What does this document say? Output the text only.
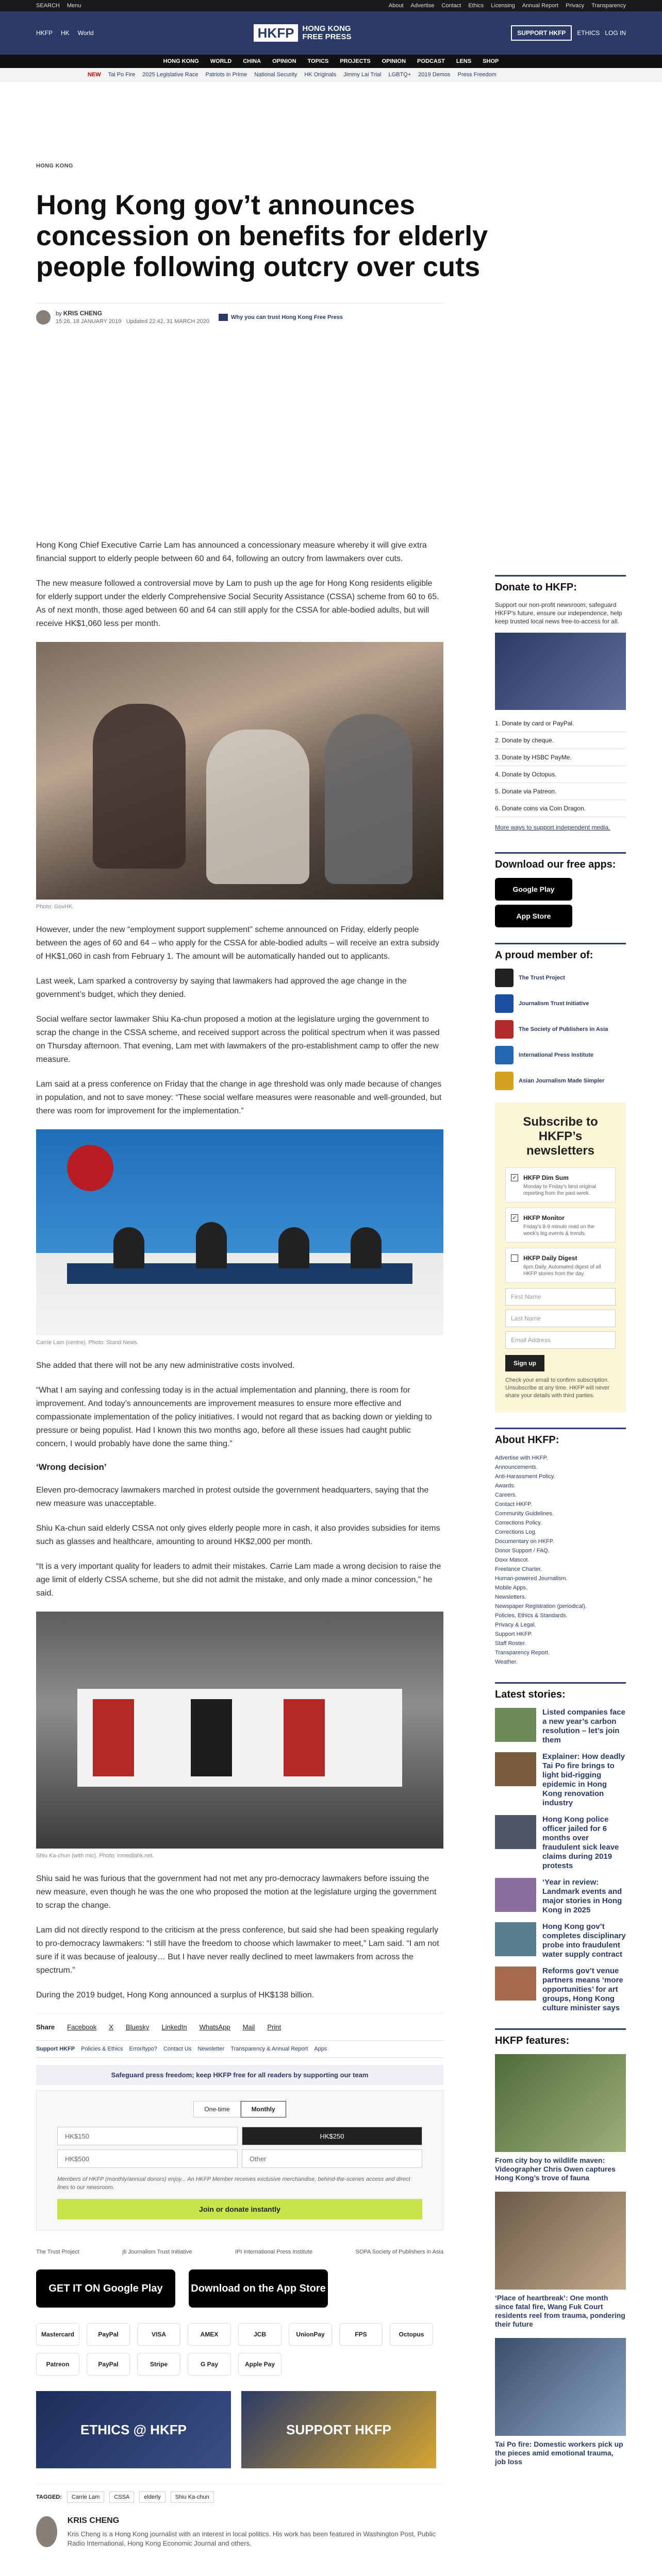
SEARCH Menu	About Advertise Contact Ethics Licensing Annual Report Privacy Transparency
HKFP HK World	HKFP	HONG KONG
FREE PRESS	SUPPORT HKFP	ETHICS LOG IN
HONG KONG WORLD CHINA OPINION TOPICS PROJECTS OPINION PODCAST LENS SHOP
NEW Tai Po Fire 2025 Legislative Race Patriots in Prime National Security HK Originals Jimmy Lai Trial LGBTQ+ 2019 Demos Press Freedom
HONG KONG
Hong Kong gov’t announces concession on benefits for elderly people following outcry over cuts
by KRIS CHENG
15:26, 18 JANUARY 2019 Updated 22:42, 31 MARCH 2020
Why you can trust Hong Kong Free Press

Hong Kong Chief Executive Carrie Lam has announced a concessionary measure whereby it will give extra financial support to elderly people between 60 and 64, following an outcry from lawmakers over cuts.

The new measure followed a controversial move by Lam to push up the age for Hong Kong residents eligible for elderly support under the elderly Comprehensive Social Security Assistance (CSSA) scheme from 60 to 65. As of next month, those aged between 60 and 64 can still apply for the CSSA for able-bodied adults, but will receive HK$1,060 less per month.

Photo: GovHK.

However, under the new “employment support supplement” scheme announced on Friday, elderly people between the ages of 60 and 64 – who apply for the CSSA for able-bodied adults – will receive an extra subsidy of HK$1,060 in cash from February 1. The amount will be automatically handed out to applicants.

Last week, Lam sparked a controversy by saying that lawmakers had approved the age change in the government’s budget, which they denied.

Social welfare sector lawmaker Shiu Ka-chun proposed a motion at the legislature urging the government to scrap the change in the CSSA scheme, and received support across the political spectrum when it was passed on Thursday afternoon. That evening, Lam met with lawmakers of the pro-establishment camp to offer the new measure.

Lam said at a press conference on Friday that the change in age threshold was only made because of changes in population, and not to save money: “These social welfare measures were reasonable and well-grounded, but there was room for improvement for the implementation.”

Carrie Lam (centre). Photo: Stand News.

She added that there will not be any new administrative costs involved.

“What I am saying and confessing today is in the actual implementation and planning, there is room for improvement. And today’s announcements are improvement measures to ensure more effective and compassionate implementation of the policy initiatives. I would not regard that as backing down or yielding to pressure or being populist. Had I known this two months ago, before all these issues had caught public concern, I would probably have done the same thing.”

‘Wrong decision’

Eleven pro-democracy lawmakers marched in protest outside the government headquarters, saying that the new measure was unacceptable.

Shiu Ka-chun said elderly CSSA not only gives elderly people more in cash, it also provides subsidies for items such as glasses and healthcare, amounting to around HK$2,000 per month.

“It is a very important quality for leaders to admit their mistakes. Carrie Lam made a wrong decision to raise the age limit of elderly CSSA scheme, but she did not admit the mistake, and only made a minor concession,” he said.

Shiu Ka-chun (with mic). Photo: inmediahk.net.

Shiu said he was furious that the government had not met any pro-democracy lawmakers before issuing the new measure, even though he was the one who proposed the motion at the legislature urging the government to scrap the change.

Lam did not directly respond to the criticism at the press conference, but said she had been speaking regularly to pro-democracy lawmakers: “I still have the freedom to choose which lawmaker to meet,” Lam said. “I am not sure if it was because of jealousy… But I have never really declined to meet lawmakers from across the spectrum.”

During the 2019 budget, Hong Kong announced a surplus of HK$138 billion.

Share Facebook X Bluesky LinkedIn WhatsApp Mail Print
Support HKFP Policies & Ethics Error/typo? Contact Us Newsletter Transparency & Annual Report Apps
Safeguard press freedom; keep HKFP free for all readers by supporting our team
One-time	Monthly
HK$150	HK$250
HK$500	Other
Members of HKFP (monthly/annual donors) enjoy... An HKFP Member receives exclusive merchandise, behind-the-scenes access and direct lines to our newsroom.
Join or donate instantly
The Trust Project	jti Journalism Trust Initiative	IPI International Press Institute	SOPA Society of Publishers in Asia
GET IT ON Google Play	Download on the App Store
Mastercard	PayPal	VISA	AMEX	JCB	UnionPay	FPS	Octopus
Patreon	PayPal	Stripe	G Pay	Apple Pay
ETHICS @ HKFP	SUPPORT HKFP
TAGGED:	Carrie Lam	CSSA	elderly	Shiu Ka-chun
KRIS CHENG
Kris Cheng is a Hong Kong journalist with an interest in local politics. His work has been featured in Washington Post, Public Radio International, Hong Kong Economic Journal and others.
Donate to HKFP:
Support our non-profit newsroom; safeguard HKFP's future, ensure our independence, help keep trusted local news free-to-access for all.
1. Donate by card or PayPal.
2. Donate by cheque.
3. Donate by HSBC PayMe.
4. Donate by Octopus.
5. Donate via Patreon.
6. Donate coins via Coin Dragon.
More ways to support independent media.
Download our free apps:
Google Play
App Store
A proud member of:
The Trust Project
Journalism Trust Initiative
The Society of Publishers in Asia
International Press Institute
Asian Journalism Made Simpler
Subscribe to HKFP’s newsletters
✓ HKFP Dim Sum

Monday to Friday's best original reporting from the past week.

✓ HKFP Monitor

Friday's 8-9 minute read on the week's big events & trends.

HKFP Daily Digest

6pm Daily. Automated digest of all HKFP stories from the day.

First Name
Last Name
Email Address
Sign up
Check your email to confirm subscription. Unsubscribe at any time. HKFP will never share your details with third parties.
About HKFP:
Advertise with HKFP.
Announcements.
Anti-Harassment Policy.
Awards.
Careers.
Contact HKFP.
Community Guidelines.
Corrections Policy.
Corrections Log.
Documentary on HKFP.
Donor Support / FAQ.
Doxx Mascot.
Freelance Charter.
Human-powered Journalism.
Mobile Apps.
Newsletters.
Newspaper Registration (periodical).
Policies, Ethics & Standards.
Privacy & Legal.
Support HKFP.
Staff Roster.
Transparency Report.
Weather.
Latest stories:
Listed companies face a new year’s carbon resolution – let’s join them
Explainer: How deadly Tai Po fire brings to light bid-rigging epidemic in Hong Kong renovation industry
Hong Kong police officer jailed for 6 months over fraudulent sick leave claims during 2019 protests
‘Year in review: Landmark events and major stories in Hong Kong in 2025
Hong Kong gov’t completes disciplinary probe into fraudulent water supply contract
Reforms gov’t venue partners means ‘more opportunities’ for art groups, Hong Kong culture minister says
HKFP features:
From city boy to wildlife maven: Videographer Chris Owen captures Hong Kong’s trove of fauna
‘Place of heartbreak’: One month since fatal fire, Wang Fuk Court residents reel from trauma, pondering their future
Tai Po fire: Domestic workers pick up the pieces amid emotional trauma, job loss
